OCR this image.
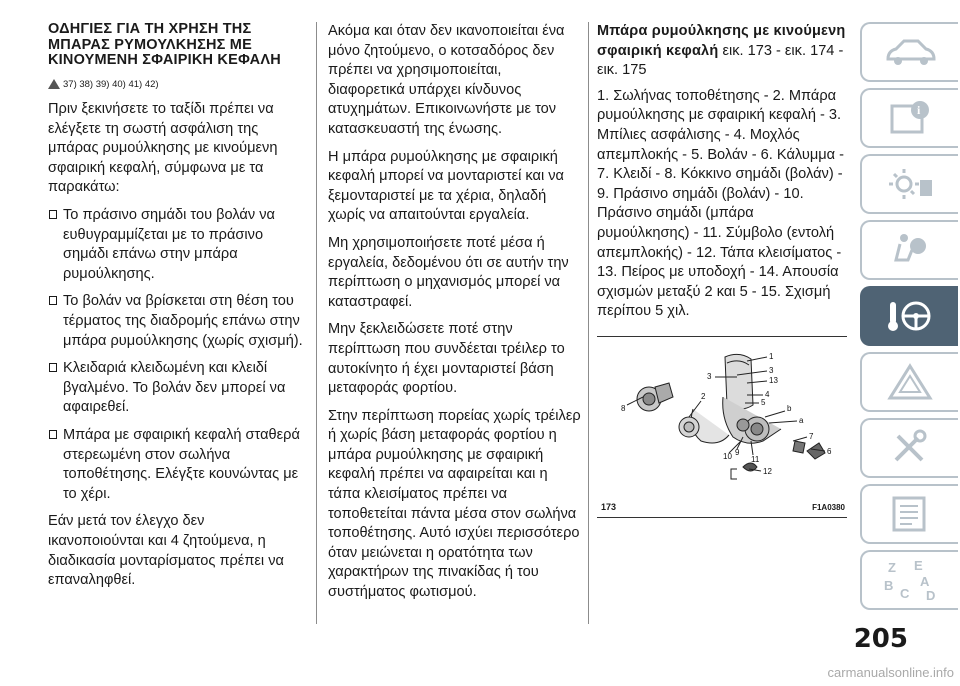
ΟΔΗΓΙΕΣ ΓΙΑ ΤΗ ΧΡΗΣΗ ΤΗΣ ΜΠΑΡΑΣ ΡΥΜΟΥΛΚΗΣΗΣ ΜΕ ΚΙΝΟΥΜΕΝΗ ΣΦΑΙΡΙΚΗ ΚΕΦΑΛΗ
37) 38) 39) 40) 41) 42)

Πριν ξεκινήσετε το ταξίδι πρέπει να ελέγξετε τη σωστή ασφάλιση της μπάρας ρυμούλκησης με κινούμενη σφαιρική κεφαλή, σύμφωνα με τα παρακάτω:

Το πράσινο σημάδι του βολάν να ευθυγραμμίζεται με το πράσινο σημάδι επάνω στην μπάρα ρυμούλκησης.
Το βολάν να βρίσκεται στη θέση του τέρματος της διαδρομής επάνω στην μπάρα ρυμούλκησης (χωρίς σχισμή).
Κλειδαριά κλειδωμένη και κλειδί βγαλμένο. Το βολάν δεν μπορεί να αφαιρεθεί.
Μπάρα με σφαιρική κεφαλή σταθερά στερεωμένη στον σωλήνα τοποθέτησης. Ελέγξτε κουνώντας με το χέρι.

Εάν μετά τον έλεγχο δεν ικανοποιούνται και 4 ζητούμενα, η διαδικασία μονταρίσματος πρέπει να επαναληφθεί.

Ακόμα και όταν δεν ικανοποιείται ένα μόνο ζητούμενο, ο κοτσαδόρος δεν πρέπει να χρησιμοποιείται, διαφορετικά υπάρχει κίνδυνος ατυχημάτων. Επικοινωνήστε με τον κατασκευαστή της ένωσης.

Η μπάρα ρυμούλκησης με σφαιρική κεφαλή μπορεί να μονταριστεί και να ξεμονταριστεί με τα χέρια, δηλαδή χωρίς να απαιτούνται εργαλεία.

Μη χρησιμοποιήσετε ποτέ μέσα ή εργαλεία, δεδομένου ότι σε αυτήν την περίπτωση ο μηχανισμός μπορεί να καταστραφεί.

Μην ξεκλειδώσετε ποτέ στην περίπτωση που συνδέεται τρέιλερ το αυτοκίνητο ή έχει μονταριστεί βάση μεταφοράς φορτίου.

Στην περίπτωση πορείας χωρίς τρέιλερ ή χωρίς βάση μεταφοράς φορτίου η μπάρα ρυμούλκησης με σφαιρική κεφαλή πρέπει να αφαιρείται και η τάπα κλεισίματος πρέπει να τοποθετείται πάντα μέσα στον σωλήνα τοποθέτησης. Αυτό ισχύει περισσότερο όταν μειώνεται η ορατότητα των χαρακτήρων της πινακίδας ή του συστήματος φωτισμού.

Μπάρα ρυμούλκησης με κινούμενη σφαιρική κεφαλή εικ. 173 - εικ. 174 - εικ. 175

1. Σωλήνας τοποθέτησης - 2. Μπάρα ρυμούλκησης με σφαιρική κεφαλή - 3. Μπίλιες ασφάλισης - 4. Μοχλός απεμπλοκής - 5. Βολάν - 6. Κάλυμμα - 7. Κλειδί - 8. Κόκκινο σημάδι (βολάν) - 9. Πράσινο σημάδι (βολάν) - 10. Πράσινο σημάδι (μπάρα ρυμούλκησης) - 11. Σύμβολο (εντολή απεμπλοκής) - 12. Τάπα κλεισίματος - 13. Πείρος με υποδοχή - 14. Απουσία σχισμών μεταξύ 2 και 5 - 15. Σχισμή περίπου 5 χιλ.

1
3
3	13
4
5
b
a
7
6
2
8
9
10 11
12
173	F1A0380
i
Z E
B A
C D
205
carmanualsonline.info
